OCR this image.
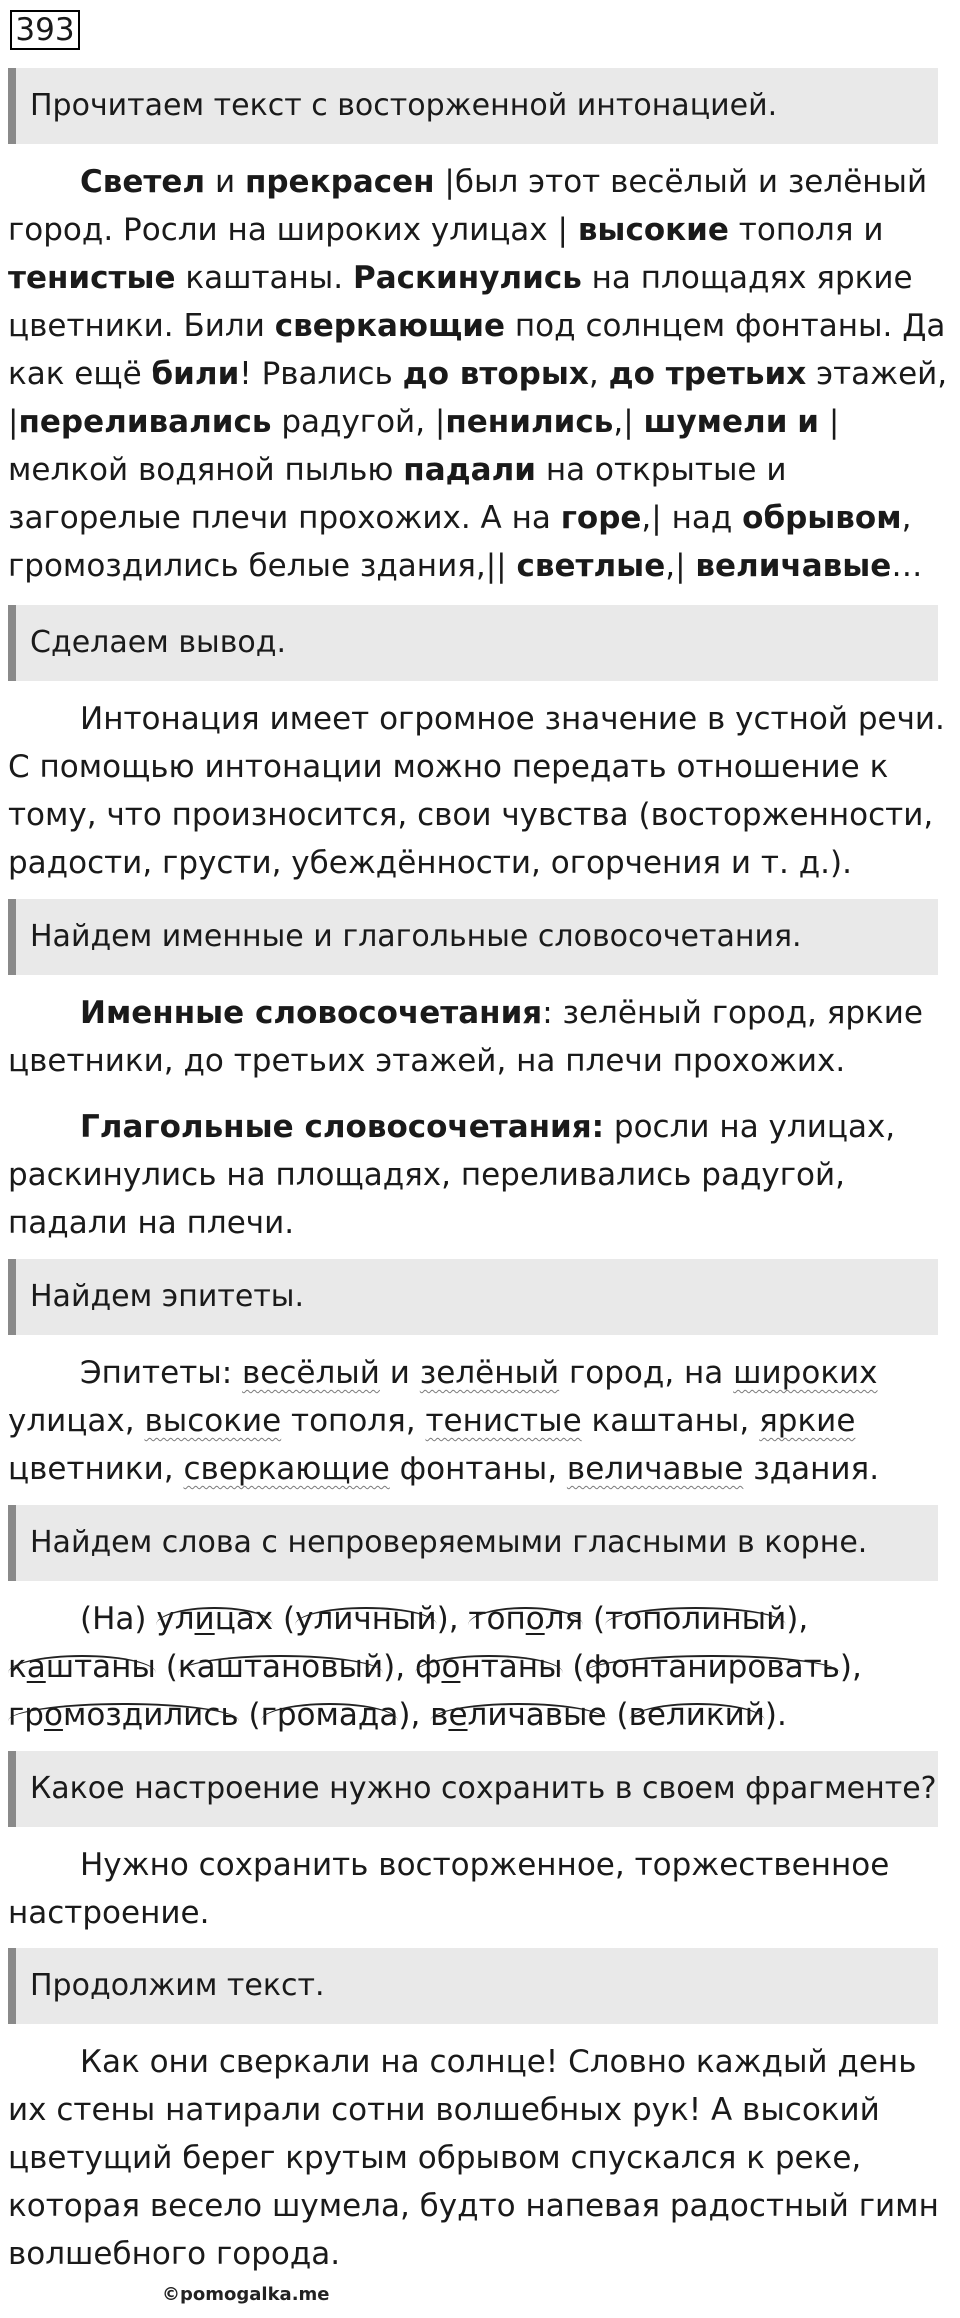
393
Прочитаем текст с восторженной интонацией.
Светел и прекрасен |был этот весёлый и зелёный город. Росли на широких улицах | высокие тополя и тенистые каштаны. Раскинулись на площадях яркие цветники. Били сверкающие под солнцем фонтаны. Да как ещё били! Рвались до вторых, до третьих этажей, |переливались радугой, |пенились,| шумели и |мелкой водяной пылью падали на открытые и загорелые плечи прохожих. А на горе,| над обрывом, громоздились белые здания,|| светлые,| величавые…
Сделаем вывод.
Интонация имеет огромное значение в устной речи. С помощью интонации можно передать отношение к тому, что произносится, свои чувства (восторженности, радости, грусти, убеждённости, огорчения и т. д.).
Найдем именные и глагольные словосочетания.
Именные словосочетания: зелёный город, яркие цветники, до третьих этажей, на плечи прохожих.
Глагольные словосочетания: росли на улицах, раскинулись на площадях, переливались радугой, падали на плечи.
Найдем эпитеты.
Эпитеты: весёлый и зелёный город, на широких улицах, высокие тополя, тенистые каштаны, яркие цветники, сверкающие фонтаны, величавые здания.
Найдем слова с непроверяемыми гласными в корне.
(На) улицах (уличный), тополя (тополиный), каштаны (каштановый), фонтаны (фонтанировать), громоздились (громада), величавые (великий).
Какое настроение нужно сохранить в своем фрагменте?
Нужно сохранить восторженное, торжественное настроение.
Продолжим текст.
Как они сверкали на солнце! Словно каждый день их стены натирали сотни волшебных рук! А высокий цветущий берег крутым обрывом спускался к реке, которая весело шумела, будто напевая радостный гимн волшебного города.
©pomogalka.me
